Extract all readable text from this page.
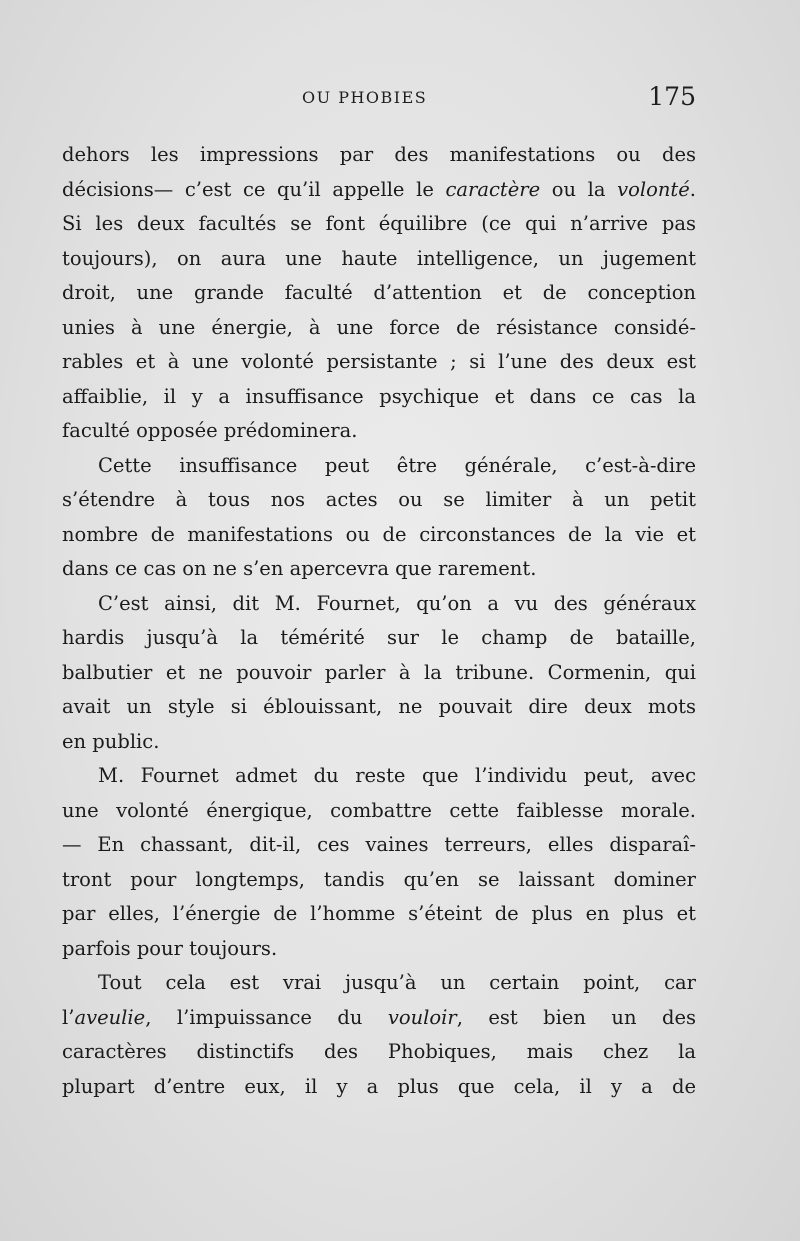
OU PHOBIES	175

dehors les impressions par des manifestations ou des

décisions— c’est ce qu’il appelle le caractère ou la volonté.

Si les deux facultés se font équilibre (ce qui n’arrive pas

toujours), on aura une haute intelligence, un jugement

droit, une grande faculté d’attention et de conception

unies à une énergie, à une force de résistance considé-

rables et à une volonté persistante ; si l’une des deux est

affaiblie, il y a insuffisance psychique et dans ce cas la

faculté opposée prédominera.

Cette insuffisance peut être générale, c’est-à-dire

s’étendre à tous nos actes ou se limiter à un petit

nombre de manifestations ou de circonstances de la vie et

dans ce cas on ne s’en apercevra que rarement.

C’est ainsi, dit M. Fournet, qu’on a vu des généraux

hardis jusqu’à la témérité sur le champ de bataille,

balbutier et ne pouvoir parler à la tribune. Cormenin, qui

avait un style si éblouissant, ne pouvait dire deux mots

en public.

M. Fournet admet du reste que l’individu peut, avec

une volonté énergique, combattre cette faiblesse morale.

— En chassant, dit-il, ces vaines terreurs, elles disparaî-

tront pour longtemps, tandis qu’en se laissant dominer

par elles, l’énergie de l’homme s’éteint de plus en plus et

parfois pour toujours.

Tout cela est vrai jusqu’à un certain point, car

l’aveulie, l’impuissance du vouloir, est bien un des

caractères distinctifs des Phobiques, mais chez la

plupart d’entre eux, il y a plus que cela, il y a de
